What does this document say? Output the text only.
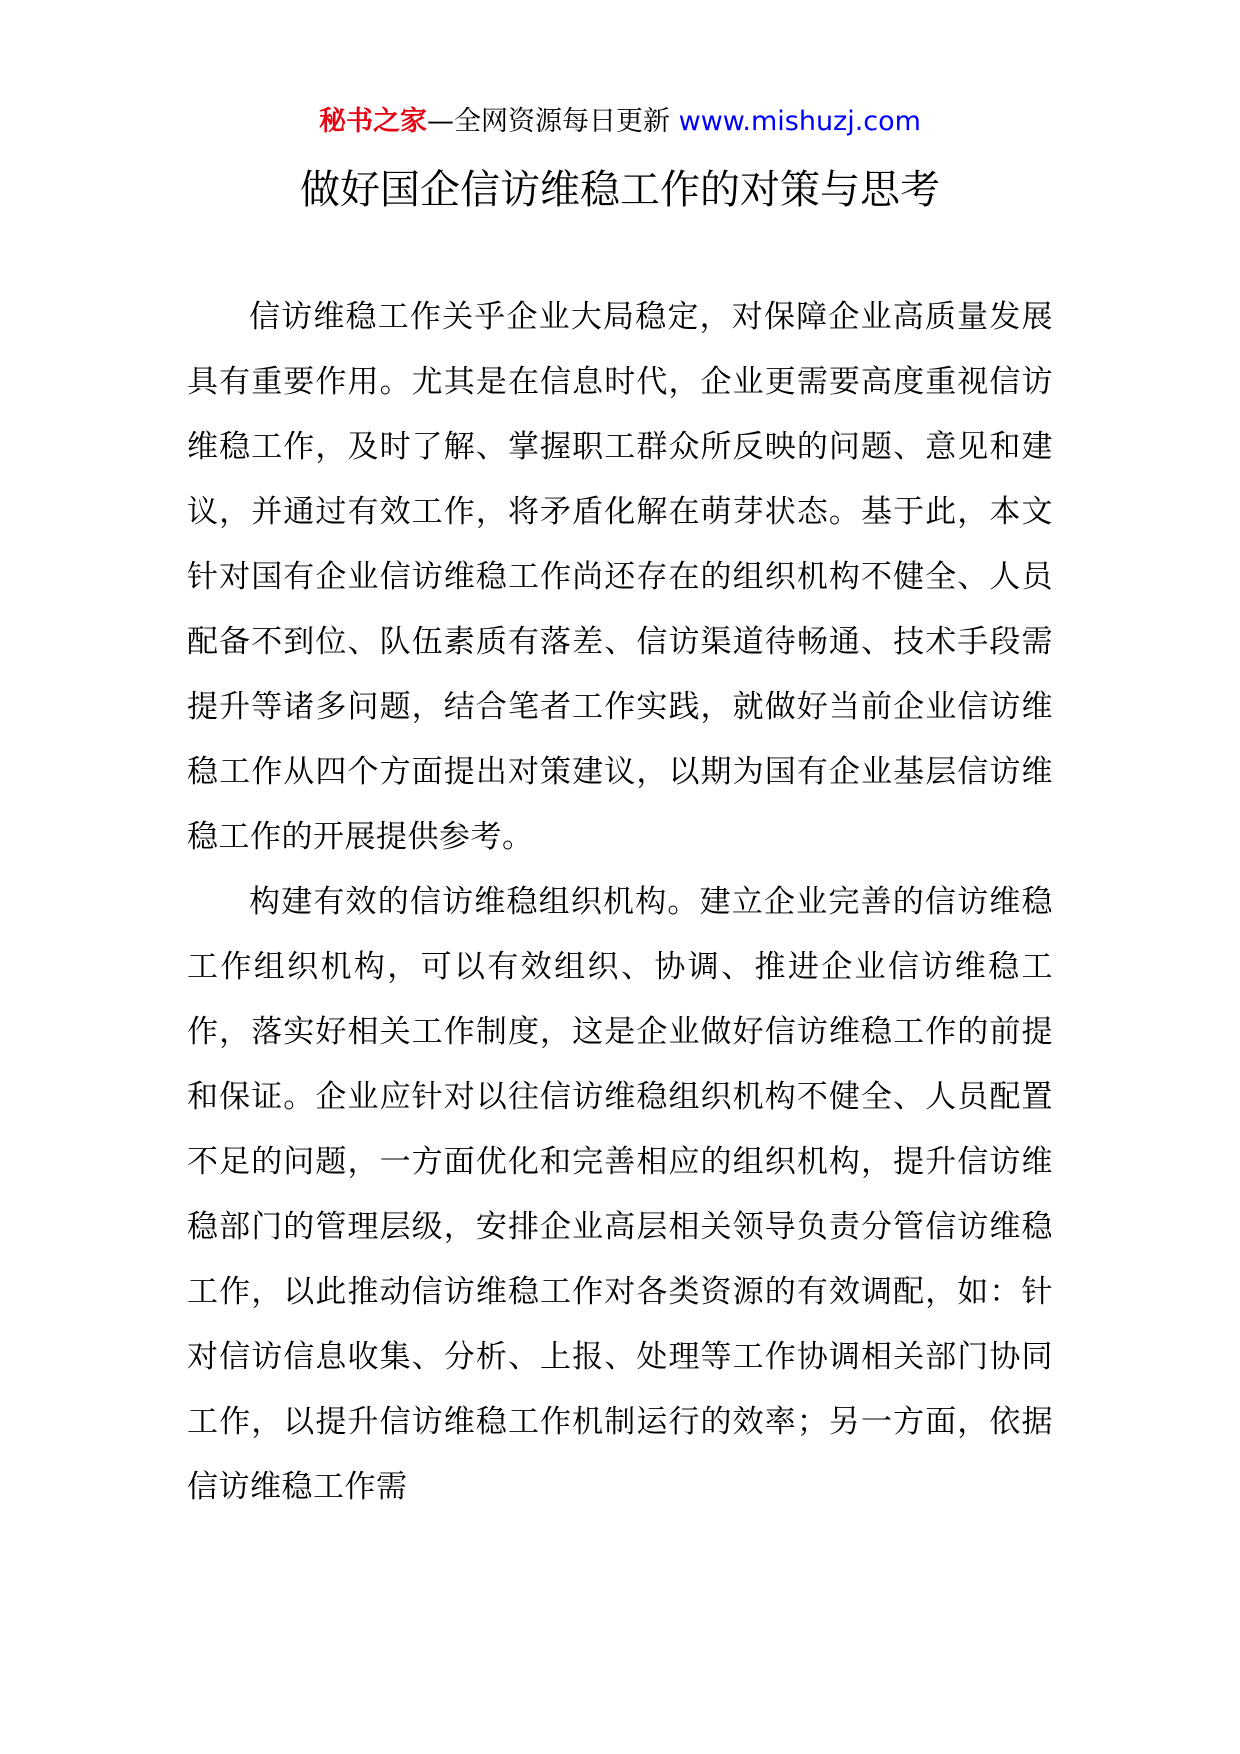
秘书之家—全网资源每日更新 www.mishuzj.com
做好国企信访维稳工作的对策与思考

信访维稳工作关乎企业大局稳定，对保障企业高质量发展具有重要作用。尤其是在信息时代，企业更需要高度重视信访维稳工作，及时了解、掌握职工群众所反映的问题、意见和建议，并通过有效工作，将矛盾化解在萌芽状态。基于此，本文针对国有企业信访维稳工作尚还存在的组织机构不健全、人员配备不到位、队伍素质有落差、信访渠道待畅通、技术手段需提升等诸多问题，结合笔者工作实践，就做好当前企业信访维稳工作从四个方面提出对策建议，以期为国有企业基层信访维稳工作的开展提供参考。

构建有效的信访维稳组织机构。建立企业完善的信访维稳工作组织机构，可以有效组织、协调、推进企业信访维稳工作，落实好相关工作制度，这是企业做好信访维稳工作的前提和保证。企业应针对以往信访维稳组织机构不健全、人员配置不足的问题，一方面优化和完善相应的组织机构，提升信访维稳部门的管理层级，安排企业高层相关领导负责分管信访维稳工作，以此推动信访维稳工作对各类资源的有效调配，如：针对信访信息收集、分析、上报、处理等工作协调相关部门协同工作，以提升信访维稳工作机制运行的效率；另一方面，依据信访维稳工作需
